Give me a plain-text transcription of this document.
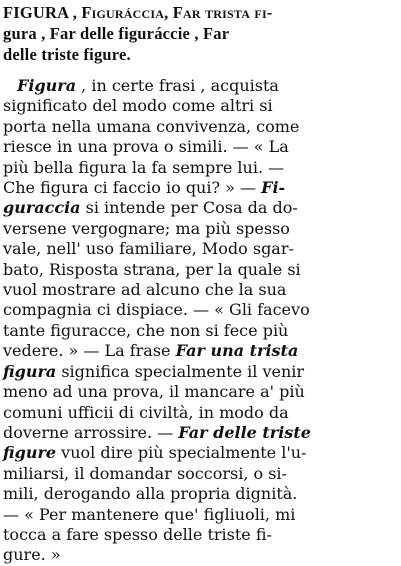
FIGURA , Figuráccia, Far trista fi-
gura , Far delle figuráccie , Far
delle triste figure.
Figura , in certe frasi , acquista
significato del modo come altri si
porta nella umana convivenza, come
riesce in una prova o simili. — « La
più bella figura la fa sempre lui. —
Che figura ci faccio io qui? » — Fi-
guraccia si intende per Cosa da do-
versene vergognare; ma più spesso
vale, nell' uso familiare, Modo sgar-
bato, Risposta strana, per la quale si
vuol mostrare ad alcuno che la sua
compagnia ci dispiace. — « Gli facevo
tante figuracce, che non si fece più
vedere. » — La frase Far una trista
figura significa specialmente il venir
meno ad una prova, il mancare a' più
comuni ufficii di civiltà, in modo da
doverne arrossire. — Far delle triste
figure vuol dire più specialmente l'u-
miliarsi, il domandar soccorsi, o si-
mili, derogando alla propria dignità.
— « Per mantenere que' figliuoli, mi
tocca a fare spesso delle triste fi-
gure. »
